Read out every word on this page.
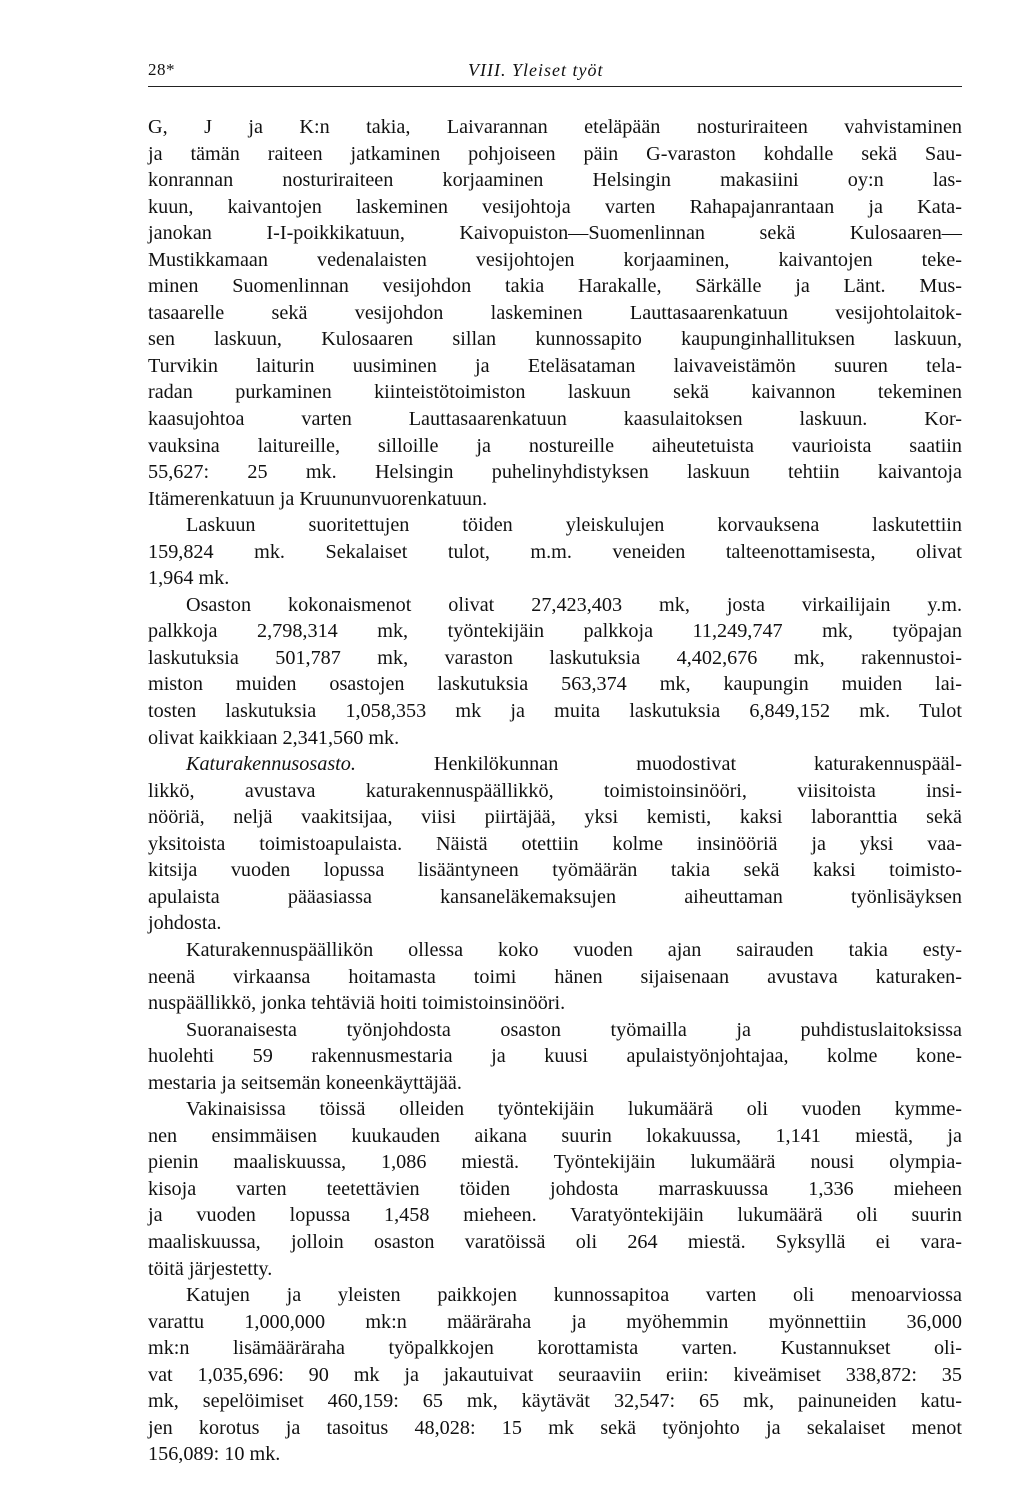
28*	VIII. Yleiset työt
G, J ja K:n takia, Laivarannan eteläpään nosturiraiteen vahvistaminen
ja tämän raiteen jatkaminen pohjoiseen päin G-varaston kohdalle sekä Sau-
konrannan nosturiraiteen korjaaminen Helsingin makasiini oy:n las-
kuun, kaivantojen laskeminen vesijohtoja varten Rahapajanrantaan ja Kata-
janokan I-I-poikkikatuun, Kaivopuiston—Suomenlinnan sekä Kulosaaren—
Mustikkamaan vedenalaisten vesijohtojen korjaaminen, kaivantojen teke-
minen Suomenlinnan vesijohdon takia Harakalle, Särkälle ja Länt. Mus-
tasaarelle sekä vesijohdon laskeminen Lauttasaarenkatuun vesijohtolaitok-
sen laskuun, Kulosaaren sillan kunnossapito kaupunginhallituksen laskuun,
Turvikin laiturin uusiminen ja Eteläsataman laivaveistämön suuren tela-
radan purkaminen kiinteistötoimiston laskuun sekä kaivannon tekeminen
kaasujohtoa varten Lauttasaarenkatuun kaasulaitoksen laskuun. Kor-
vauksina laitureille, silloille ja nostureille aiheutetuista vaurioista saatiin
55,627: 25 mk. Helsingin puhelinyhdistyksen laskuun tehtiin kaivantoja
Itämerenkatuun ja Kruununvuorenkatuun.
Laskuun suoritettujen töiden yleiskulujen korvauksena laskutettiin
159,824 mk. Sekalaiset tulot, m.m. veneiden talteenottamisesta, olivat
1,964 mk.
Osaston kokonaismenot olivat 27,423,403 mk, josta virkailijain y.m.
palkkoja 2,798,314 mk, työntekijäin palkkoja 11,249,747 mk, työpajan
laskutuksia 501,787 mk, varaston laskutuksia 4,402,676 mk, rakennustoi-
miston muiden osastojen laskutuksia 563,374 mk, kaupungin muiden lai-
tosten laskutuksia 1,058,353 mk ja muita laskutuksia 6,849,152 mk. Tulot
olivat kaikkiaan 2,341,560 mk.
Katurakennusosasto. Henkilökunnan muodostivat katurakennuspääl-
likkö, avustava katurakennuspäällikkö, toimistoinsinööri, viisitoista insi-
nööriä, neljä vaakitsijaa, viisi piirtäjää, yksi kemisti, kaksi laboranttia sekä
yksitoista toimistoapulaista. Näistä otettiin kolme insinööriä ja yksi vaa-
kitsija vuoden lopussa lisääntyneen työmäärän takia sekä kaksi toimisto-
apulaista pääasiassa kansaneläkemaksujen aiheuttaman työnlisäyksen
johdosta.
Katurakennuspäällikön ollessa koko vuoden ajan sairauden takia esty-
neenä virkaansa hoitamasta toimi hänen sijaisenaan avustava katuraken-
nuspäällikkö, jonka tehtäviä hoiti toimistoinsinööri.
Suoranaisesta työnjohdosta osaston työmailla ja puhdistuslaitoksissa
huolehti 59 rakennusmestaria ja kuusi apulaistyönjohtajaa, kolme kone-
mestaria ja seitsemän koneenkäyttäjää.
Vakinaisissa töissä olleiden työntekijäin lukumäärä oli vuoden kymme-
nen ensimmäisen kuukauden aikana suurin lokakuussa, 1,141 miestä, ja
pienin maaliskuussa, 1,086 miestä. Työntekijäin lukumäärä nousi olympia-
kisoja varten teetettävien töiden johdosta marraskuussa 1,336 mieheen
ja vuoden lopussa 1,458 mieheen. Varatyöntekijäin lukumäärä oli suurin
maaliskuussa, jolloin osaston varatöissä oli 264 miestä. Syksyllä ei vara-
töitä järjestetty.
Katujen ja yleisten paikkojen kunnossapitoa varten oli menoarviossa
varattu 1,000,000 mk:n määräraha ja myöhemmin myönnettiin 36,000
mk:n lisämääräraha työpalkkojen korottamista varten. Kustannukset oli-
vat 1,035,696: 90 mk ja jakautuivat seuraaviin eriin: kiveämiset 338,872: 35
mk, sepelöimiset 460,159: 65 mk, käytävät 32,547: 65 mk, painuneiden katu-
jen korotus ja tasoitus 48,028: 15 mk sekä työnjohto ja sekalaiset menot
156,089: 10 mk.
